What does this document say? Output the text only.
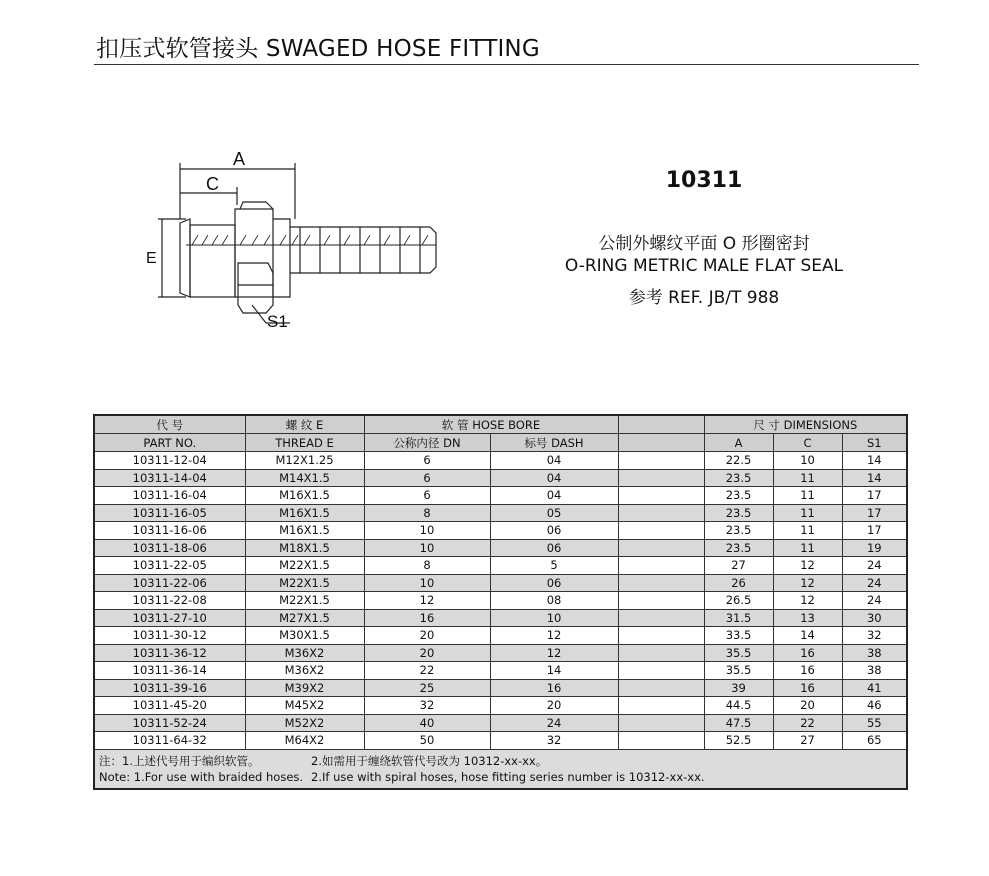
扣压式软管接头 SWAGED HOSE FITTING
A
C
E
S1
10311
公制外螺纹平面 O 形圈密封
O-RING METRIC MALE FLAT SEAL
参考 REF. JB/T 988
代 号	螺 纹 E	软 管 HOSE BORE			尺 寸 DIMENSIONS		
PART NO.	THREAD E	公称内径 DN	标号 DASH		A	C	S1
10311-12-04	M12X1.25	6	04		22.5	10	14
10311-14-04	M14X1.5	6	04		23.5	11	14
10311-16-04	M16X1.5	6	04		23.5	11	17
10311-16-05	M16X1.5	8	05		23.5	11	17
10311-16-06	M16X1.5	10	06		23.5	11	17
10311-18-06	M18X1.5	10	06		23.5	11	19
10311-22-05	M22X1.5	8	5		27	12	24
10311-22-06	M22X1.5	10	06		26	12	24
10311-22-08	M22X1.5	12	08		26.5	12	24
10311-27-10	M27X1.5	16	10		31.5	13	30
10311-30-12	M30X1.5	20	12		33.5	14	32
10311-36-12	M36X2	20	12		35.5	16	38
10311-36-14	M36X2	22	14		35.5	16	38
10311-39-16	M39X2	25	16		39	16	41
10311-45-20	M45X2	32	20		44.5	20	46
10311-52-24	M52X2	40	24		47.5	22	55
10311-64-32	M64X2	50	32		52.5	27	65

注：1.上述代号用于编织软管。 2.如需用于缠绕软管代号改为 10312-xx-xx。
Note: 1.For use with braided hoses. 2.If use with spiral hoses, hose fitting series number is 10312-xx-xx.							
